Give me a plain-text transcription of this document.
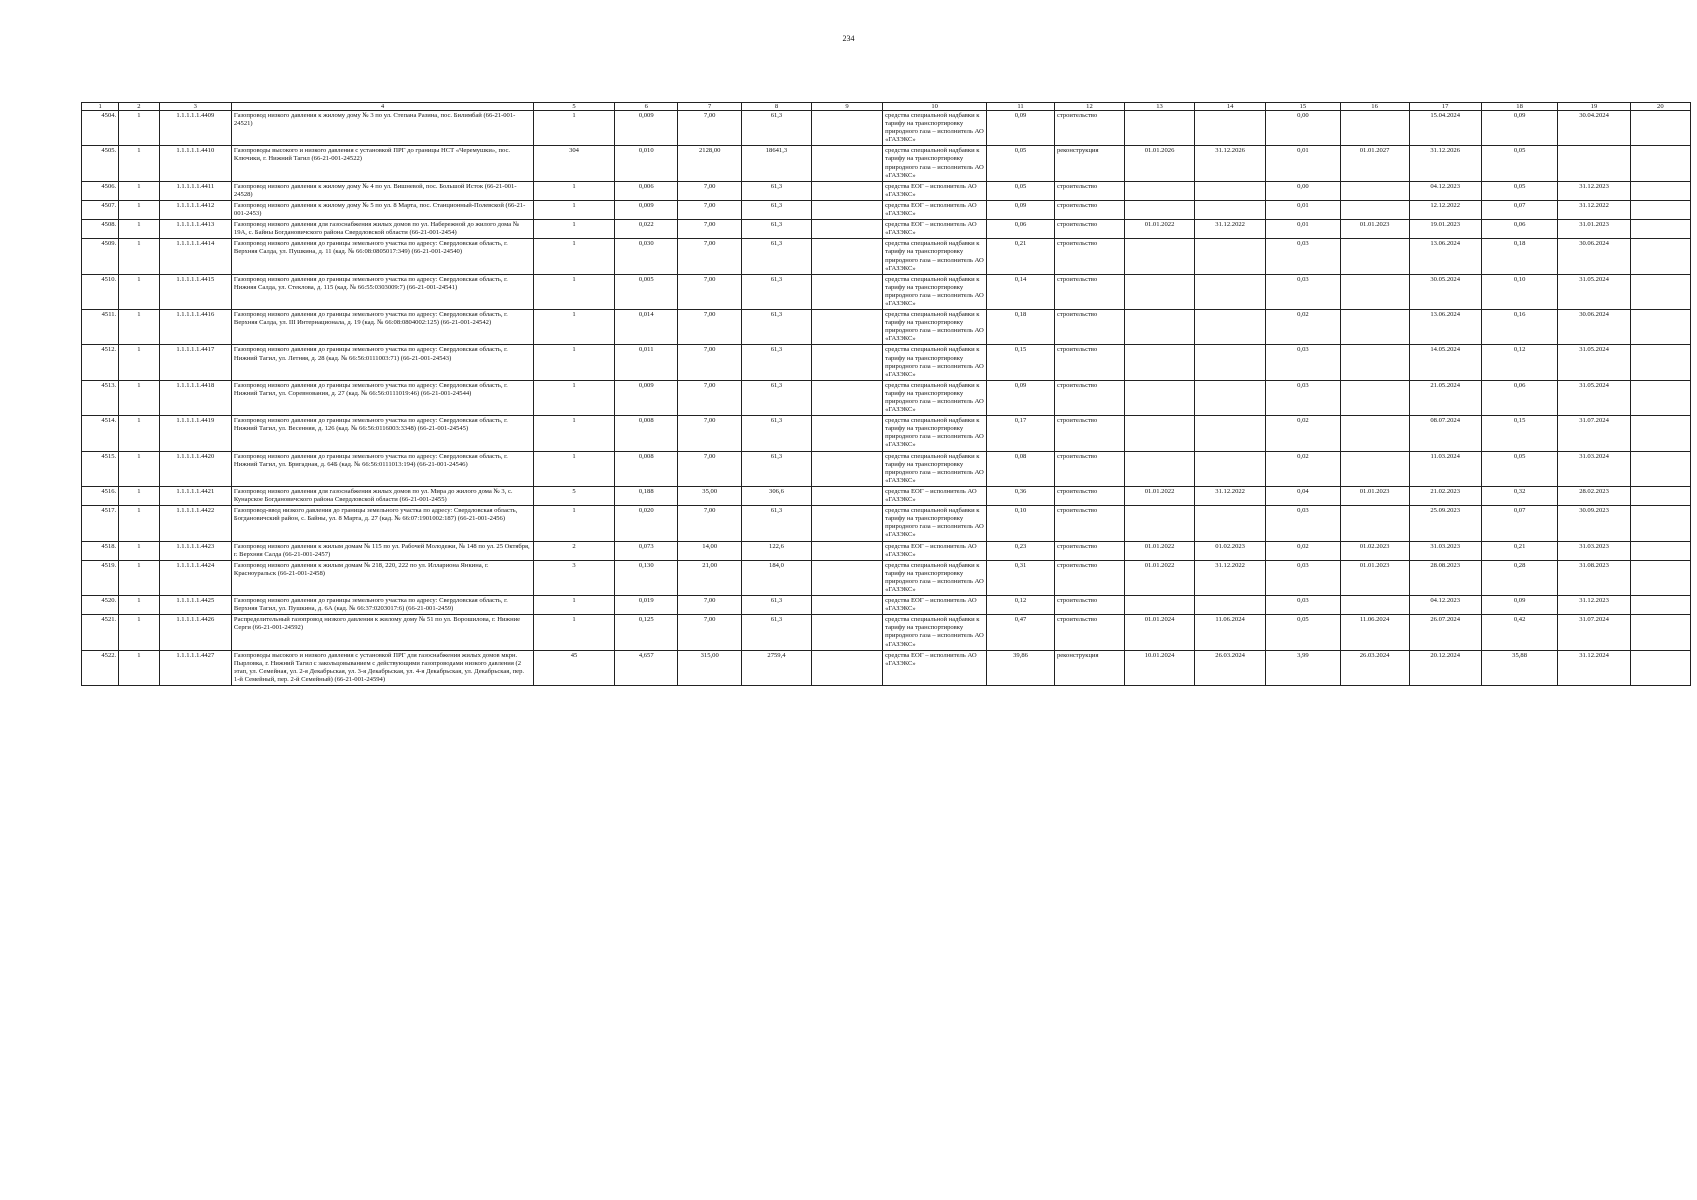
234
1	2	3	4	5	6	7	8	9	10	11	12	13	14	15	16	17	18	19	20
4504.	1	1.1.1.1.1.4409	Газопровод низкого давления к жилому дому № 3 по ул. Степана Разина, пос. Билимбай (66-21-001-24521)	1	0,009	7,00	61,3		средства специальной надбавки к тарифу на транспортировку природного газа – исполнитель АО «ГАЗЭКС»	0,09	строительство			0,00		15.04.2024	0,09	30.04.2024	
4505.	1	1.1.1.1.1.4410	Газопроводы высокого и низкого давления с установкой ПРГ до границы НСТ «Черемушки», пос. Ключики, г. Нижний Тагил (66-21-001-24522)	304	0,010	2128,00	18641,3		средства специальной надбавки к тарифу на транспортировку природного газа – исполнитель АО «ГАЗЭКС»	0,05	реконструкция	01.01.2026	31.12.2026	0,01	01.01.2027	31.12.2026	0,05		
4506.	1	1.1.1.1.1.4411	Газопровод низкого давления к жилому дому № 4 по ул. Вишневой, пос. Большой Исток (66-21-001-24528)	1	0,006	7,00	61,3		средства ЕОГ – исполнитель АО «ГАЗЭКС»	0,05	строительство			0,00		04.12.2023	0,05	31.12.2023	
4507.	1	1.1.1.1.1.4412	Газопровод низкого давления к жилому дому № 5 по ул. 8 Марта, пос. Станционный-Полевской (66-21-001-2453)	1	0,009	7,00	61,3		средства ЕОГ – исполнитель АО «ГАЗЭКС»	0,09	строительство			0,01		12.12.2022	0,07	31.12.2022	
4508.	1	1.1.1.1.1.4413	Газопровод низкого давления для газоснабжения жилых домов по ул. Набережной до жилого дома № 19А, с. Байны Богдановичского района Свердловской области (66-21-001-2454)	1	0,022	7,00	61,3		средства ЕОГ – исполнитель АО «ГАЗЭКС»	0,06	строительство	01.01.2022	31.12.2022	0,01	01.01.2023	19.01.2023	0,06	31.01.2023	
4509.	1	1.1.1.1.1.4414	Газопровод низкого давления до границы земельного участка по адресу: Свердловская область, г. Верхняя Салда, ул. Пушкина, д. 11 (кад. № 66:08:0805017:349) (66-21-001-24540)	1	0,030	7,00	61,3		средства специальной надбавки к тарифу на транспортировку природного газа – исполнитель АО «ГАЗЭКС»	0,21	строительство			0,03		13.06.2024	0,18	30.06.2024	
4510.	1	1.1.1.1.1.4415	Газопровод низкого давления до границы земельного участка по адресу: Свердловская область, г. Нижняя Салда, ул. Стеклова, д. 115 (кад. № 66:55:0303009:7) (66-21-001-24541)	1	0,005	7,00	61,3		средства специальной надбавки к тарифу на транспортировку природного газа – исполнитель АО «ГАЗЭКС»	0,14	строительство			0,03		30.05.2024	0,10	31.05.2024	
4511.	1	1.1.1.1.1.4416	Газопровод низкого давления до границы земельного участка по адресу: Свердловская область, г. Верхняя Салда, ул. III Интернационала, д. 19 (кад. № 66:08:0804002:125) (66-21-001-24542)	1	0,014	7,00	61,3		средства специальной надбавки к тарифу на транспортировку природного газа – исполнитель АО «ГАЗЭКС»	0,18	строительство			0,02		13.06.2024	0,16	30.06.2024	
4512.	1	1.1.1.1.1.4417	Газопровод низкого давления до границы земельного участка по адресу: Свердловская область, г. Нижний Тагил, ул. Летняя, д. 28 (кад. № 66:56:0111003:71) (66-21-001-24543)	1	0,011	7,00	61,3		средства специальной надбавки к тарифу на транспортировку природного газа – исполнитель АО «ГАЗЭКС»	0,15	строительство			0,03		14.05.2024	0,12	31.05.2024	
4513.	1	1.1.1.1.1.4418	Газопровод низкого давления до границы земельного участка по адресу: Свердловская область, г. Нижний Тагил, ул. Соревнования, д. 27 (кад. № 66:56:0111019:46) (66-21-001-24544)	1	0,009	7,00	61,3		средства специальной надбавки к тарифу на транспортировку природного газа – исполнитель АО «ГАЗЭКС»	0,09	строительство			0,03		21.05.2024	0,06	31.05.2024	
4514.	1	1.1.1.1.1.4419	Газопровод низкого давления до границы земельного участка по адресу: Свердловская область, г. Нижний Тагил, ул. Весенняя, д. 126 (кад. № 66:56:0116003:3348) (66-21-001-24545)	1	0,008	7,00	61,3		средства специальной надбавки к тарифу на транспортировку природного газа – исполнитель АО «ГАЗЭКС»	0,17	строительство			0,02		08.07.2024	0,15	31.07.2024	
4515.	1	1.1.1.1.1.4420	Газопровод низкого давления до границы земельного участка по адресу: Свердловская область, г. Нижний Тагил, ул. Бригадная, д. 64Б (кад. № 66:56:0111013:194) (66-21-001-24546)	1	0,008	7,00	61,3		средства специальной надбавки к тарифу на транспортировку природного газа – исполнитель АО «ГАЗЭКС»	0,08	строительство			0,02		11.03.2024	0,05	31.03.2024	
4516.	1	1.1.1.1.1.4421	Газопровод низкого давления для газоснабжения жилых домов по ул. Мира до жилого дома № 3, с. Кунарское Богдановичского района Свердловской области (66-21-001-2455)	5	0,188	35,00	306,6		средства ЕОГ – исполнитель АО «ГАЗЭКС»	0,36	строительство	01.01.2022	31.12.2022	0,04	01.01.2023	21.02.2023	0,32	28.02.2023	
4517.	1	1.1.1.1.1.4422	Газопровод-ввод низкого давления до границы земельного участка по адресу: Свердловская область, Богдановичский район, с. Байны, ул. 8 Марта, д. 27 (кад. № 66:07:1901002:187) (66-21-001-2456)	1	0,020	7,00	61,3		средства специальной надбавки к тарифу на транспортировку природного газа – исполнитель АО «ГАЗЭКС»	0,10	строительство			0,03		25.09.2023	0,07	30.09.2023	
4518.	1	1.1.1.1.1.4423	Газопровод низкого давления к жилым домам № 115 по ул. Рабочей Молодежи, № 148 по ул. 25 Октября, г. Верхняя Салда (66-21-001-2457)	2	0,073	14,00	122,6		средства ЕОГ – исполнитель АО «ГАЗЭКС»	0,23	строительство	01.01.2022	01.02.2023	0,02	01.02.2023	31.03.2023	0,21	31.03.2023	
4519.	1	1.1.1.1.1.4424	Газопровод низкого давления к жилым домам № 218, 220, 222 по ул. Илларионa Янкина, г. Красноуральск (66-21-001-2458)	3	0,130	21,00	184,0		средства специальной надбавки к тарифу на транспортировку природного газа – исполнитель АО «ГАЗЭКС»	0,31	строительство	01.01.2022	31.12.2022	0,03	01.01.2023	28.08.2023	0,28	31.08.2023	
4520.	1	1.1.1.1.1.4425	Газопровод низкого давления до границы земельного участка по адресу: Свердловская область, г. Верхняя Тагил, ул. Пушкина, д. 6А (кад. № 66:37:0203017:6) (66-21-001-2459)	1	0,019	7,00	61,3		средства ЕОГ – исполнитель АО «ГАЗЭКС»	0,12	строительство			0,03		04.12.2023	0,09	31.12.2023	
4521.	1	1.1.1.1.1.4426	Распределительный газопровод низкого давления к жилому дому № 51 по ул. Ворошилова, г. Нижние Серги (66-21-001-24592)	1	0,125	7,00	61,3		средства специальной надбавки к тарифу на транспортировку природного газа – исполнитель АО «ГАЗЭКС»	0,47	строительство	01.01.2024	11.06.2024	0,05	11.06.2024	26.07.2024	0,42	31.07.2024	
4522.	1	1.1.1.1.1.4427	Газопроводы высокого и низкого давления с установкой ПРГ для газоснабжения жилых домов мкрн. Пырловка, г. Нижний Тагил с закольцовыванием с действующими газопроводами низкого давления (2 этап, ул. Семейная, ул. 2-я Декабрьская, ул. 3-я Декабрьская, ул. 4-я Декабрьская, ул. Декабрьская, пер. 1-й Семейный, пер. 2-й Семейный) (66-21-001-24594)	45	4,657	315,00	2759,4		средства ЕОГ – исполнитель АО «ГАЗЭКС»	39,86	реконструкция	10.01.2024	26.03.2024	3,99	26.03.2024	20.12.2024	35,88	31.12.2024	
